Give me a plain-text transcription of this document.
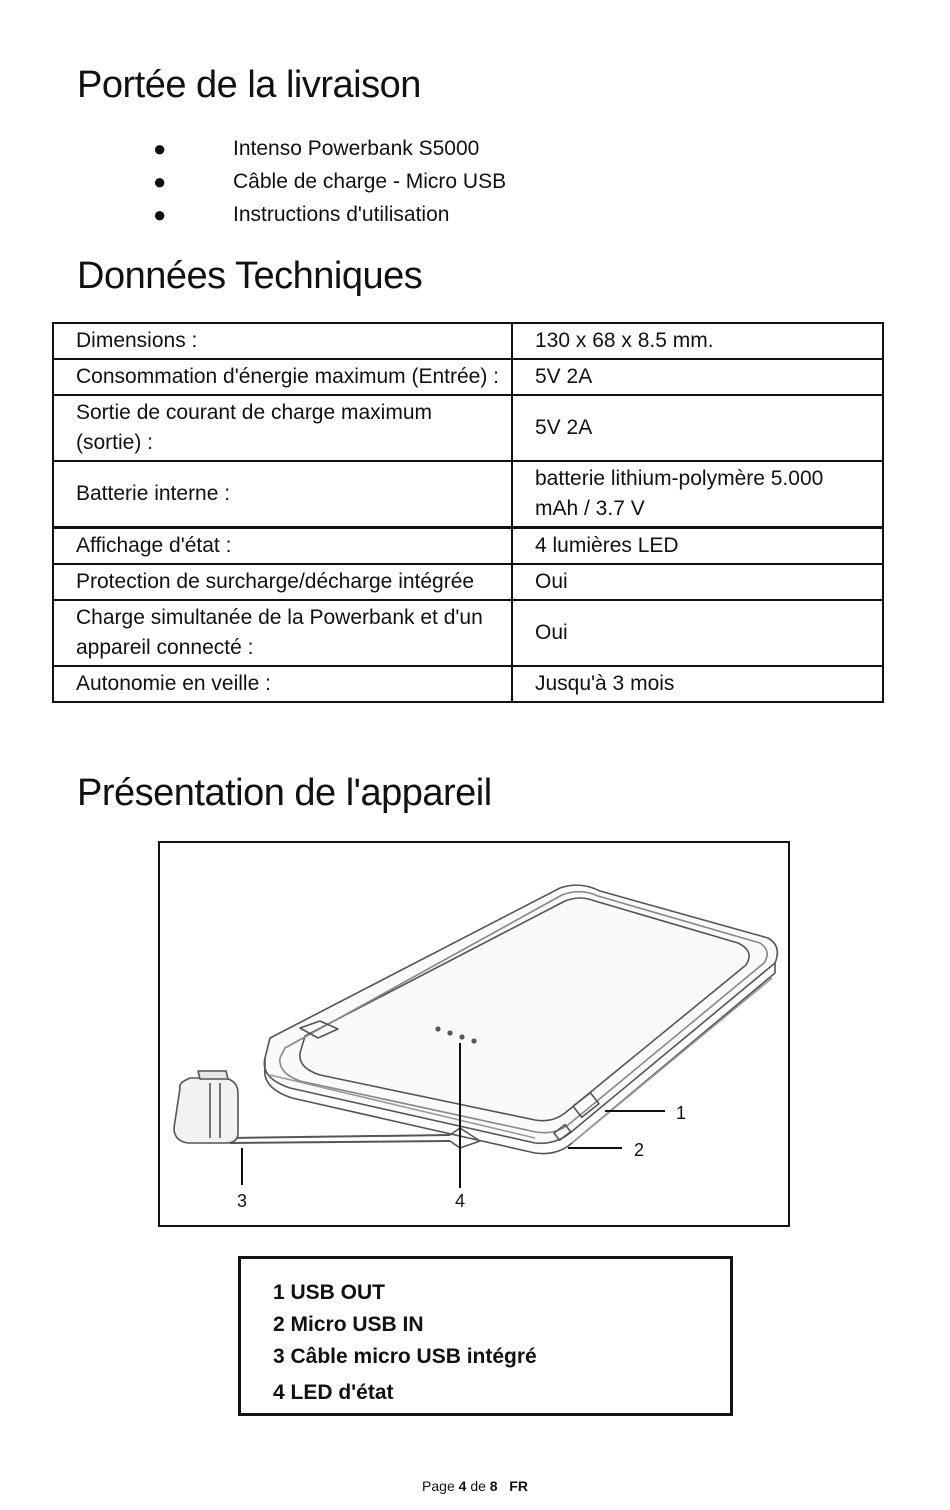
Portée de la livraison
●	Intenso Powerbank S5000
●	Câble de charge - Micro USB
●	Instructions d'utilisation
Données Techniques
Dimensions :	130 x 68 x 8.5 mm.
Consommation d'énergie maximum (Entrée) :	5V 2A
Sortie de courant de charge maximum (sortie) :	5V 2A
Batterie interne :	batterie lithium-polymère 5.000 mAh / 3.7 V
Affichage d'état :	4 lumières LED
Protection de surcharge/décharge intégrée	Oui
Charge simultanée de la Powerbank et d'un appareil connecté :	Oui
Autonomie en veille :	Jusqu'à 3 mois
Présentation de l'appareil
1
2
3	4
1 USB OUT
2 Micro USB IN
3 Câble micro USB intégré
4 LED d'état
Page 4 de 8 FR
